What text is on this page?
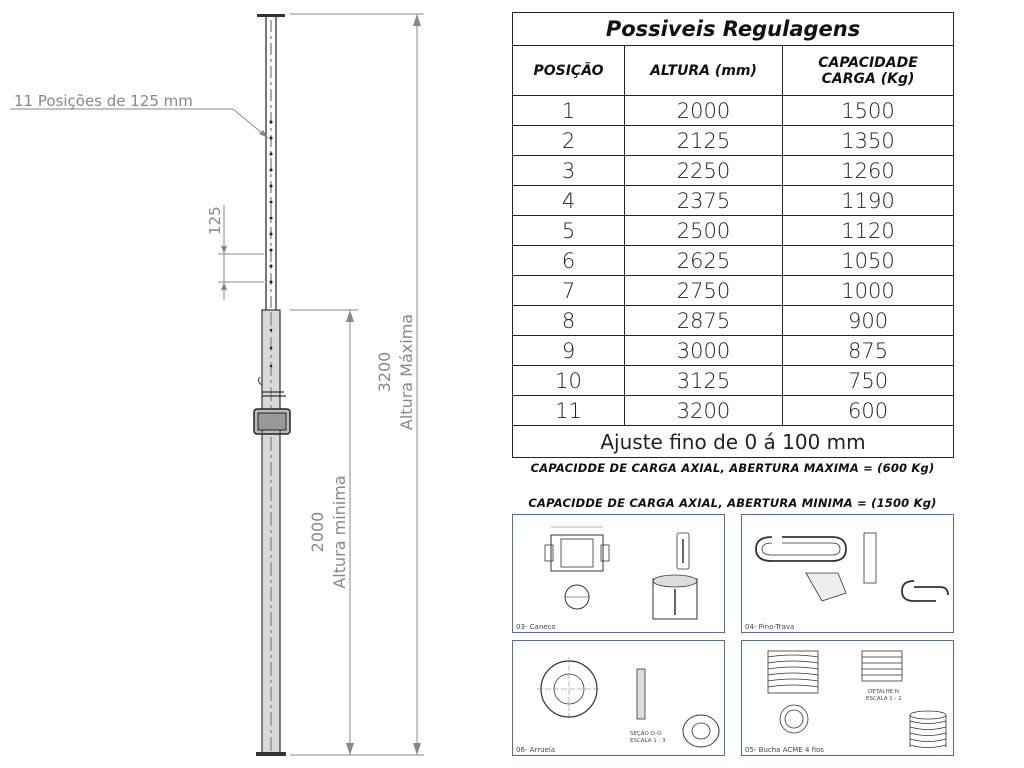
11 Posições de 125 mm
125
3200 Altura Máxima
2000 Altura minima
Possiveis Regulagens		
POSIÇÃO	ALTURA (mm)	CAPACIDADE
CARGA (Kg)
1	2000	1500
2	2125	1350
3	2250	1260
4	2375	1190
5	2500	1120
6	2625	1050
7	2750	1000
8	2875	900
9	3000	875
10	3125	750
11	3200	600
Ajuste fino de 0 á 100 mm		
CAPACIDDE DE CARGA AXIAL, ABERTURA MAXIMA = (600 Kg)
CAPACIDDE DE CARGA AXIAL, ABERTURA MINIMA = (1500 Kg)
03- Caneco	04- Pino-Trava
SEÇÃO O-O
ESCALA 1 : 3
06- Arruela
DETALHE N
ESCALA 1 : 2
05- Bucha ACME 4 fios
